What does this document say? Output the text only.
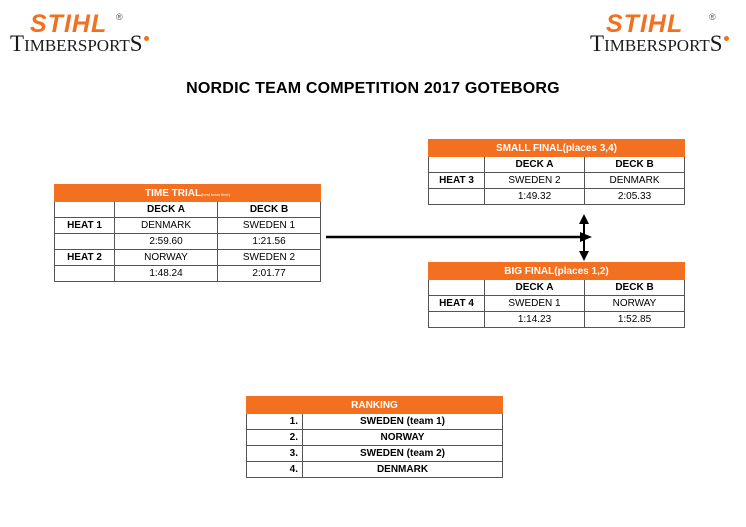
STIHL ®
TIMBERSPORTS
STIHL	®
TIMBERSPORTS
NORDIC TEAM COMPETITION 2017 GOTEBORG
TIME TRIAL(best team time)		
	DECK A	DECK B
HEAT 1	DENMARK	SWEDEN 1
	2:59.60	1:21.56
HEAT 2	NORWAY	SWEDEN 2
	1:48.24	2:01.77
SMALL FINAL(places 3,4)		
	DECK A	DECK B
HEAT 3	SWEDEN 2	DENMARK
	1:49.32	2:05.33
BIG FINAL(places 1,2)		
	DECK A	DECK B
HEAT 4	SWEDEN 1	NORWAY
	1:14.23	1:52.85
RANKING	
1.	SWEDEN (team 1)
2.	NORWAY
3.	SWEDEN (team 2)
4.	DENMARK
